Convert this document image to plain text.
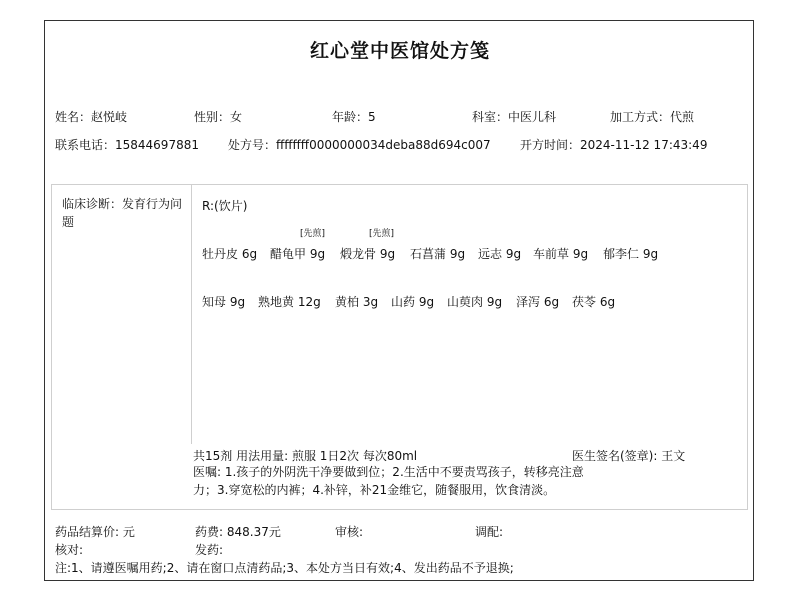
红心堂中医馆处方笺
姓名：赵悦岐	性别：女	年龄：5	科室：中医儿科	加工方式：代煎
联系电话：15844697881 处方号：ffffffff0000000034deba88d694c007 开方时间：2024-11-12 17:43:49
临床诊断：发育行为问题
R:(饮片)
牡丹皮 6g 醋龟甲 9g
[先煎]
煅龙骨 9g
[先煎]
石菖蒲 9g 远志 9g 车前草 9g 郁李仁 9g
知母 9g 熟地黄 12g 黄柏 3g 山药 9g 山萸肉 9g 泽泻 6g 茯苓 6g
共15剂 用法用量: 煎服 1日2次 每次80ml	医生签名(签章): 王文
医嘱: 1.孩子的外阴洗干净要做到位；2.生活中不要责骂孩子，转移亮注意力；3.穿宽松的内裤；4.补锌，补21金维它，随餐服用，饮食清淡。
药品结算价: 元	药费: 848.37元	审核:	调配:
核对:	发药:
注:1、请遵医嘱用药;2、请在窗口点清药品;3、本处方当日有效;4、发出药品不予退换;
